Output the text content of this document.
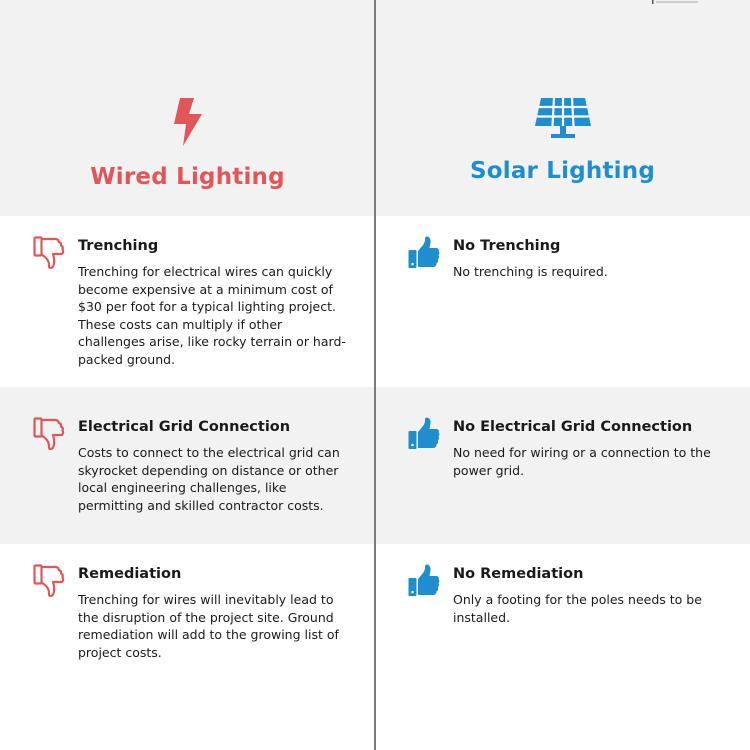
Wired Lighting	Solar Lighting
Trenching
Trenching for electrical wires can quickly become expensive at a minimum cost of $30 per foot for a typical lighting project. These costs can multiply if other challenges arise, like rocky terrain or hard-packed ground.
Electrical Grid Connection
Costs to connect to the electrical grid can skyrocket depending on distance or other local engineering challenges, like permitting and skilled contractor costs.
Remediation
Trenching for wires will inevitably lead to the disruption of the project site. Ground remediation will add to the growing list of project costs.
No Trenching
No trenching is required.
No Electrical Grid Connection
No need for wiring or a connection to the power grid.
No Remediation
Only a footing for the poles needs to be installed.
